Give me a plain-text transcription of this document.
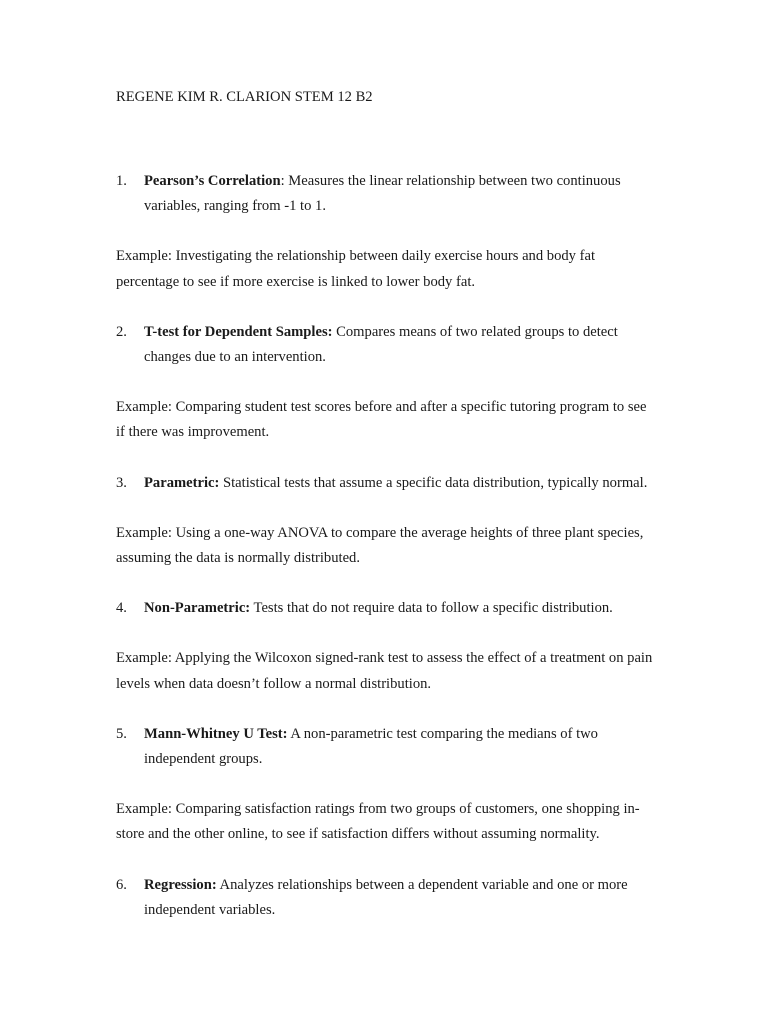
REGENE KIM R. CLARION STEM 12 B2

1. Pearson’s Correlation: Measures the linear relationship between two continuous variables, ranging from -1 to 1.

Example: Investigating the relationship between daily exercise hours and body fat percentage to see if more exercise is linked to lower body fat.

2. T-test for Dependent Samples: Compares means of two related groups to detect changes due to an intervention.

Example: Comparing student test scores before and after a specific tutoring program to see if there was improvement.

3. Parametric: Statistical tests that assume a specific data distribution, typically normal.

Example: Using a one-way ANOVA to compare the average heights of three plant species, assuming the data is normally distributed.

4. Non-Parametric: Tests that do not require data to follow a specific distribution.

Example: Applying the Wilcoxon signed-rank test to assess the effect of a treatment on pain levels when data doesn’t follow a normal distribution.

5. Mann-Whitney U Test: A non-parametric test comparing the medians of two independent groups.

Example: Comparing satisfaction ratings from two groups of customers, one shopping in-store and the other online, to see if satisfaction differs without assuming normality.

6. Regression: Analyzes relationships between a dependent variable and one or more independent variables.
